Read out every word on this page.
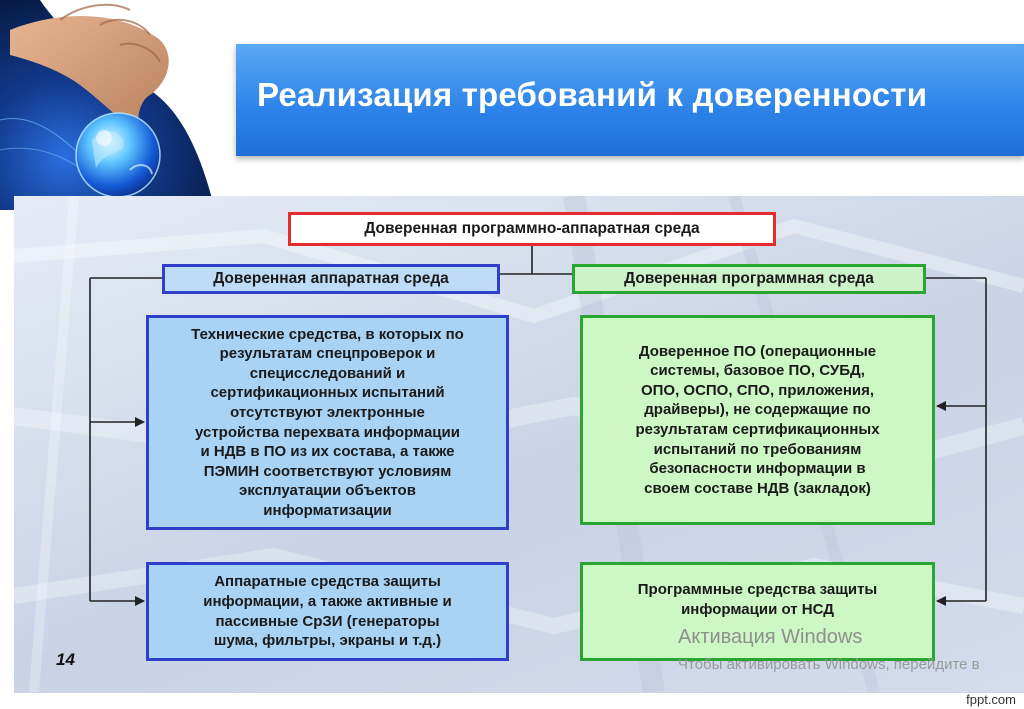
Реализация требований к доверенности
Доверенная программно-аппаратная среда
Доверенная аппаратная среда	Доверенная программная среда
Технические средства, в которых по
результатам спецпроверок и
специсследований и
сертификационных испытаний
отсутствуют электронные
устройства перехвата информации
и НДВ в ПО из их состава, а также
ПЭМИН соответствуют условиям
эксплуатации объектов
информатизации
Доверенное ПО (операционные
системы, базовое ПО, СУБД,
ОПО, ОСПО, СПО, приложения,
драйверы), не содержащие по
результатам сертификационных
испытаний по требованиям
безопасности информации в
своем составе НДВ (закладок)
Аппаратные средства защиты
информации, а также активные и
пассивные СрЗИ (генераторы
шума, фильтры, экраны и т.д.)
Программные средства защиты
информации от НСД
14
Активация Windows
Чтобы активировать Windows, перейдите в
fppt.com
